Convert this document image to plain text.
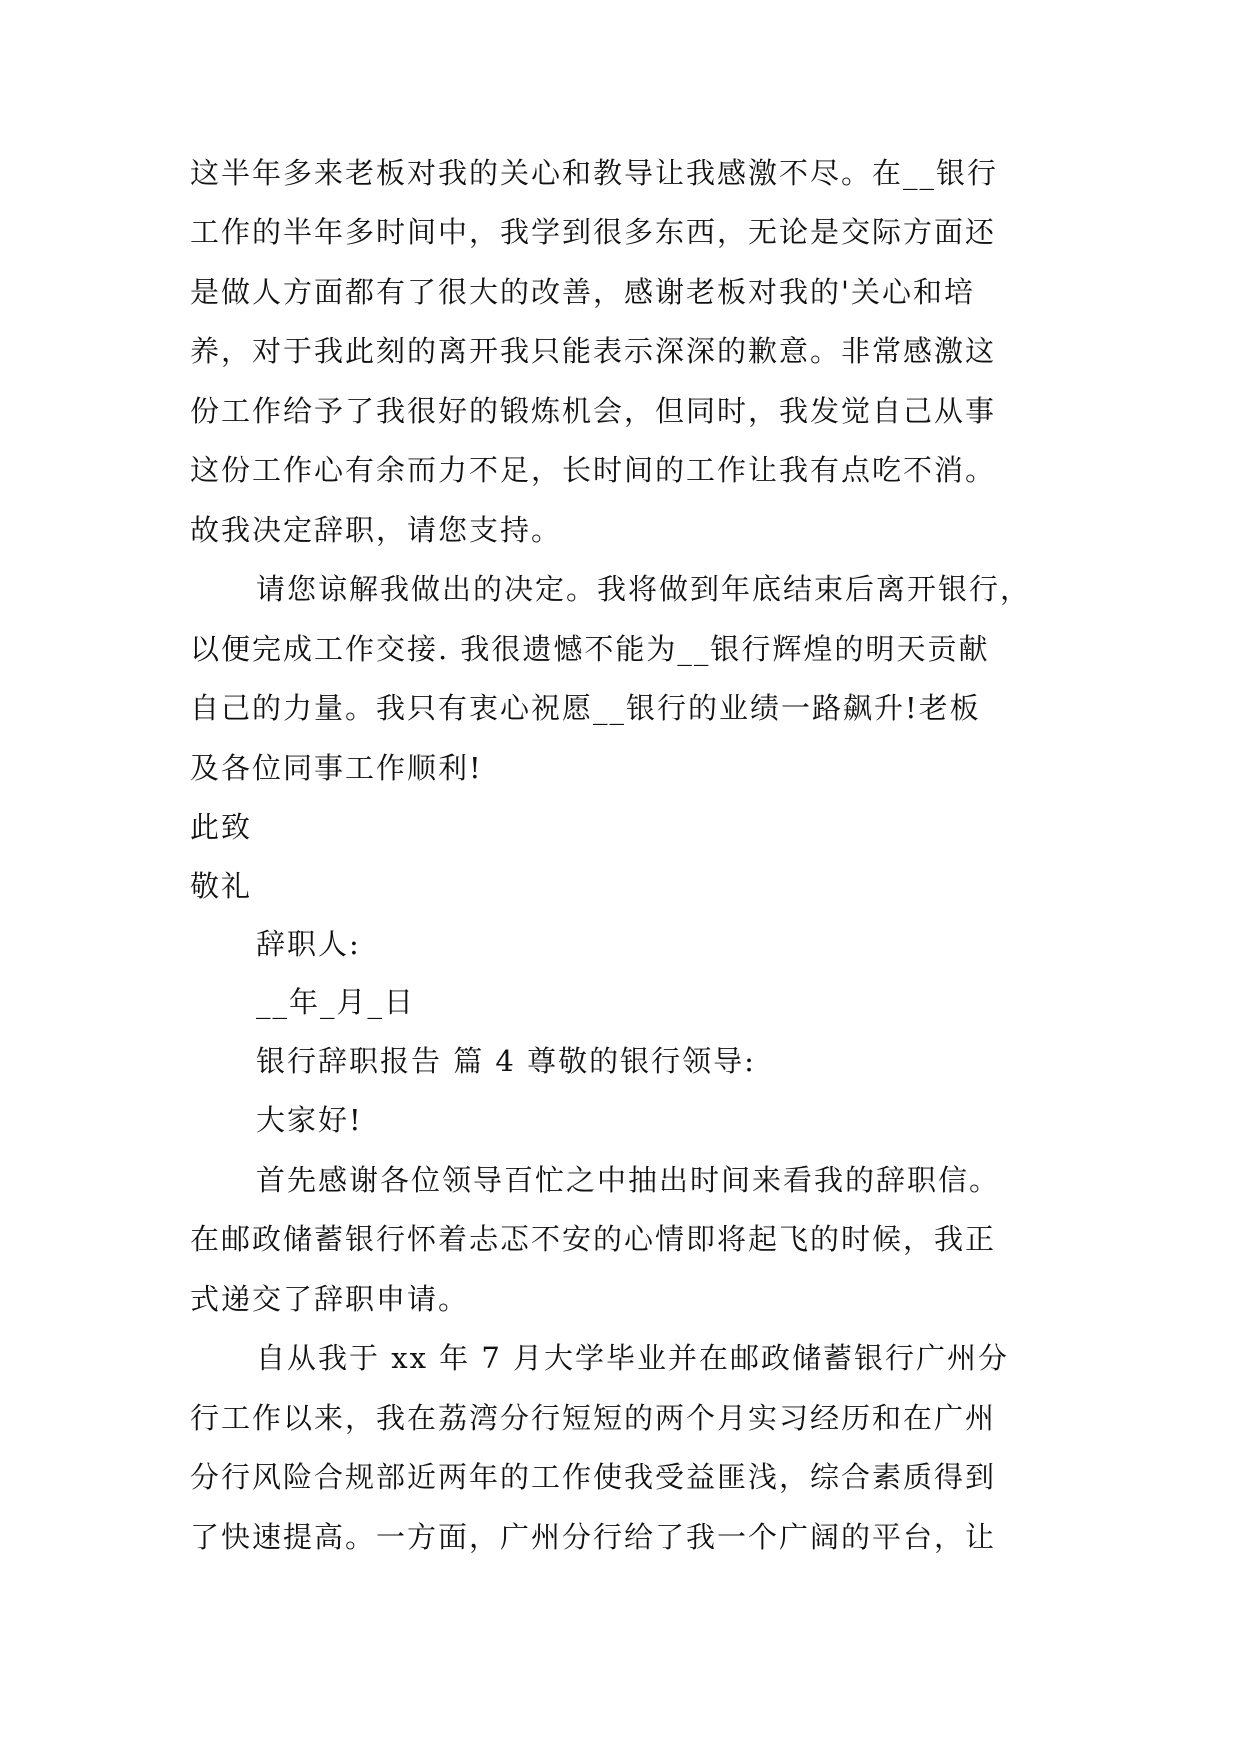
这半年多来老板对我的关心和教导让我感激不尽。在__银行
工作的半年多时间中，我学到很多东西，无论是交际方面还
是做人方面都有了很大的改善，感谢老板对我的'关心和培
养，对于我此刻的离开我只能表示深深的歉意。非常感激这
份工作给予了我很好的锻炼机会，但同时，我发觉自己从事
这份工作心有余而力不足，长时间的工作让我有点吃不消。
故我决定辞职，请您支持。
请您谅解我做出的决定。我将做到年底结束后离开银行，
以便完成工作交接. 我很遗憾不能为__银行辉煌的明天贡献
自己的力量。我只有衷心祝愿__银行的业绩一路飙升!老板
及各位同事工作顺利!
此致
敬礼
辞职人:
__年_月_日
银行辞职报告 篇 4 尊敬的银行领导:
大家好!
首先感谢各位领导百忙之中抽出时间来看我的辞职信。
在邮政储蓄银行怀着忐忑不安的心情即将起飞的时候，我正
式递交了辞职申请。
自从我于 xx 年 7 月大学毕业并在邮政储蓄银行广州分
行工作以来，我在荔湾分行短短的两个月实习经历和在广州
分行风险合规部近两年的工作使我受益匪浅，综合素质得到
了快速提高。一方面，广州分行给了我一个广阔的平台，让
